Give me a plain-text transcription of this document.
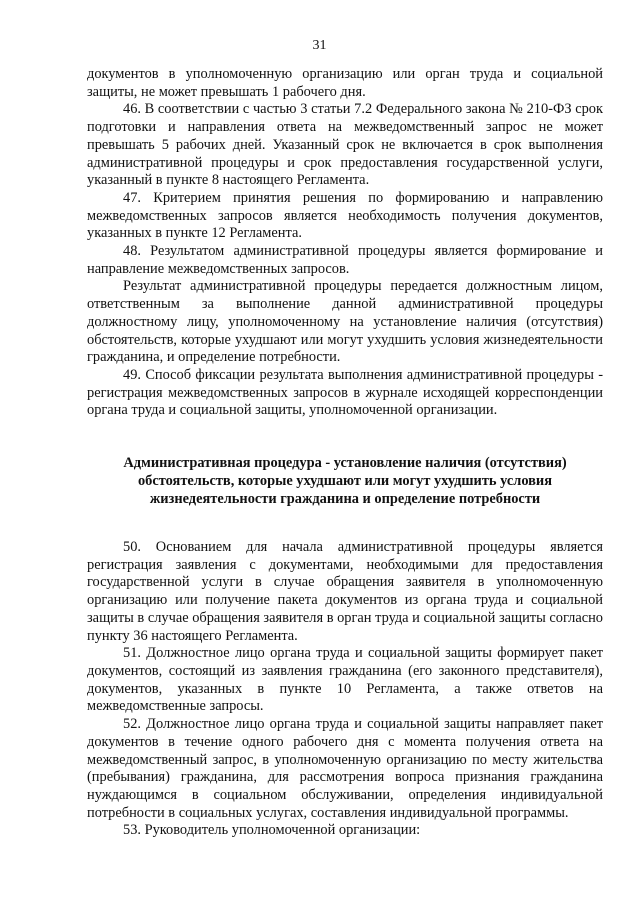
31

документов в уполномоченную организацию или орган труда и социальной защиты, не может превышать 1 рабочего дня.

46. В соответствии с частью 3 статьи 7.2 Федерального закона № 210-ФЗ срок подготовки и направления ответа на межведомственный запрос не может превышать 5 рабочих дней. Указанный срок не включается в срок выполнения административной процедуры и срок предоставления государственной услуги, указанный в пункте 8 настоящего Регламента.

47. Критерием принятия решения по формированию и направлению межведомственных запросов является необходимость получения документов, указанных в пункте 12 Регламента.

48. Результатом административной процедуры является формирование и направление межведомственных запросов.

Результат административной процедуры передается должностным лицом, ответственным за выполнение данной административной процедуры должностному лицу, уполномоченному на установление наличия (отсутствия) обстоятельств, которые ухудшают или могут ухудшить условия жизнедеятельности гражданина, и определение потребности.

49. Способ фиксации результата выполнения административной процедуры - регистрация межведомственных запросов в журнале исходящей корреспонденции органа труда и социальной защиты, уполномоченной организации.

Административная процедура - установление наличия (отсутствия) обстоятельств, которые ухудшают или могут ухудшить условия жизнедеятельности гражданина и определение потребности

50. Основанием для начала административной процедуры является регистрация заявления с документами, необходимыми для предоставления государственной услуги в случае обращения заявителя в уполномоченную организацию или получение пакета документов из органа труда и социальной защиты в случае обращения заявителя в орган труда и социальной защиты согласно пункту 36 настоящего Регламента.

51. Должностное лицо органа труда и социальной защиты формирует пакет документов, состоящий из заявления гражданина (его законного представителя), документов, указанных в пункте 10 Регламента, а также ответов на межведомственные запросы.

52. Должностное лицо органа труда и социальной защиты направляет пакет документов в течение одного рабочего дня с момента получения ответа на межведомственный запрос, в уполномоченную организацию по месту жительства (пребывания) гражданина, для рассмотрения вопроса признания гражданина нуждающимся в социальном обслуживании, определения индивидуальной потребности в социальных услугах, составления индивидуальной программы.

53. Руководитель уполномоченной организации:
